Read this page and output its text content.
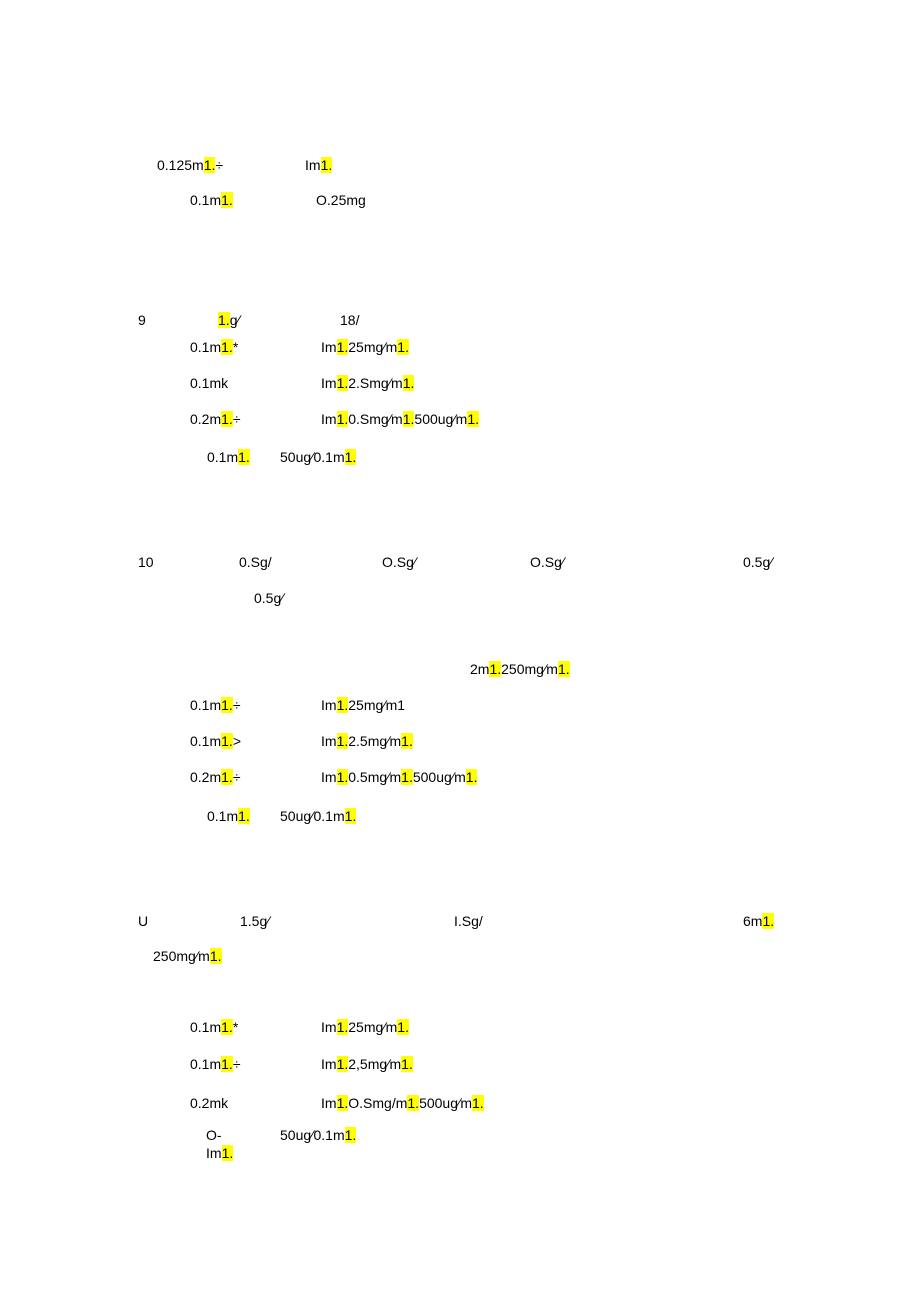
0.125m1.÷	Im1.
0.1m1.	O.25mg
9	1.g∕	18/
0.1m1.*	Im1.25mg∕m1.
0.1mk	Im1.2.Smg∕m1.
0.2m1.÷	Im1.0.Smg∕m1.500ug∕m1.
0.1m1. 50ug∕0.1m1.
10	0.Sg/	O.Sg∕	O.Sg∕	0.5g∕
0.5g∕
2m1.250mg∕m1.
0.1m1.÷	Im1.25mg∕m1
0.1m1.>	Im1.2.5mg∕m1.
0.2m1.÷	Im1.0.5mg∕m1.500ug∕m1.
0.1m1. 50ug∕0.1m1.
U	1.5g∕	I.Sg/	6m1.
250mg∕m1.
0.1m1.*	Im1.25mg∕m1.
0.1m1.÷	Im1.2,5mg∕m1.
0.2mk	Im1.O.Smg/m1.500ug∕m1.
O-	50ug∕0.1m1.
Im1.
